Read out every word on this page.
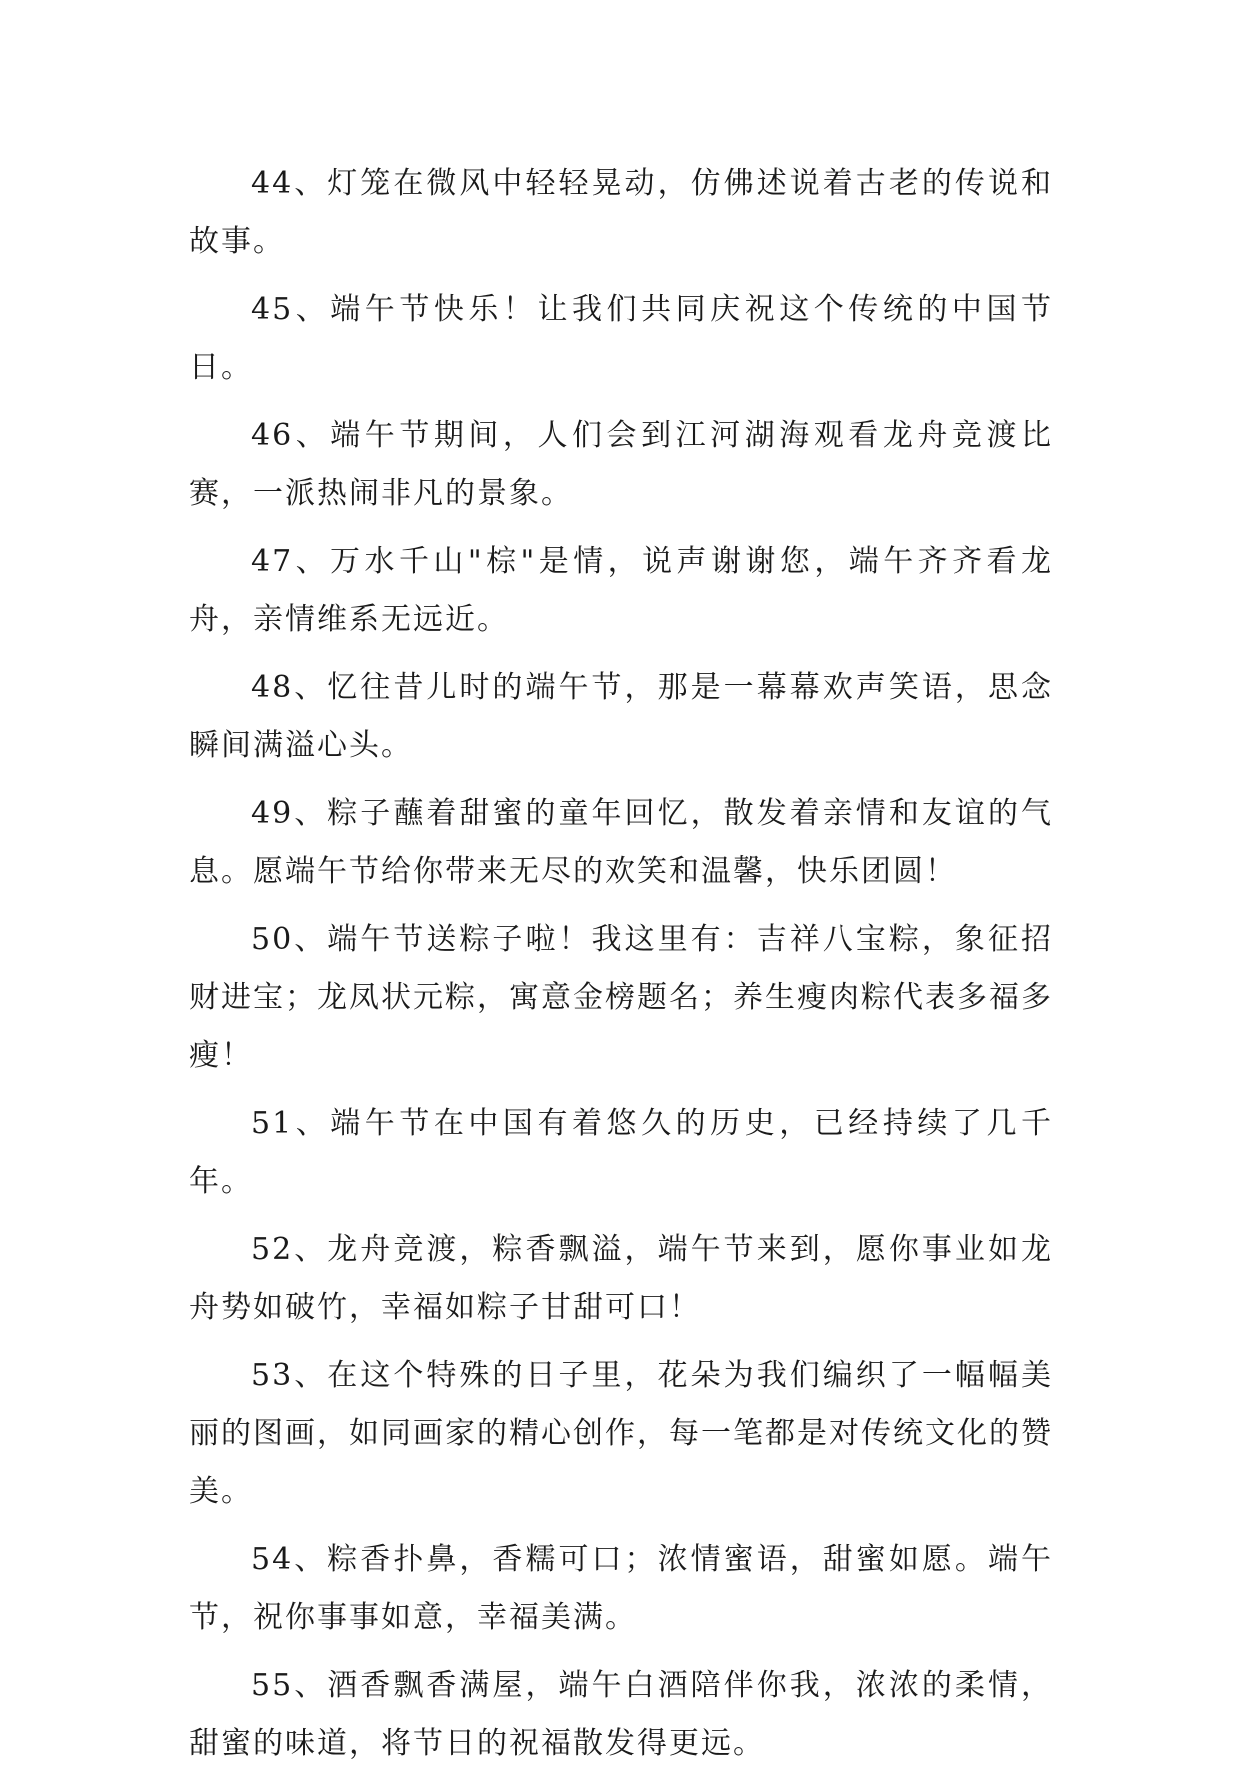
44、灯笼在微风中轻轻晃动，仿佛述说着古老的传说和故事。

45、端午节快乐！让我们共同庆祝这个传统的中国节日。

46、端午节期间，人们会到江河湖海观看龙舟竞渡比赛，一派热闹非凡的景象。

47、万水千山"棕"是情，说声谢谢您，端午齐齐看龙舟，亲情维系无远近。

48、忆往昔儿时的端午节，那是一幕幕欢声笑语，思念瞬间满溢心头。

49、粽子蘸着甜蜜的童年回忆，散发着亲情和友谊的气息。愿端午节给你带来无尽的欢笑和温馨，快乐团圆！

50、端午节送粽子啦！我这里有：吉祥八宝粽，象征招财进宝；龙凤状元粽，寓意金榜题名；养生瘦肉粽代表多福多瘦！

51、端午节在中国有着悠久的历史，已经持续了几千年。

52、龙舟竞渡，粽香飘溢，端午节来到，愿你事业如龙舟势如破竹，幸福如粽子甘甜可口！

53、在这个特殊的日子里，花朵为我们编织了一幅幅美丽的图画，如同画家的精心创作，每一笔都是对传统文化的赞美。

54、粽香扑鼻，香糯可口；浓情蜜语，甜蜜如愿。端午节，祝你事事如意，幸福美满。

55、酒香飘香满屋，端午白酒陪伴你我，浓浓的柔情，甜蜜的味道，将节日的祝福散发得更远。
